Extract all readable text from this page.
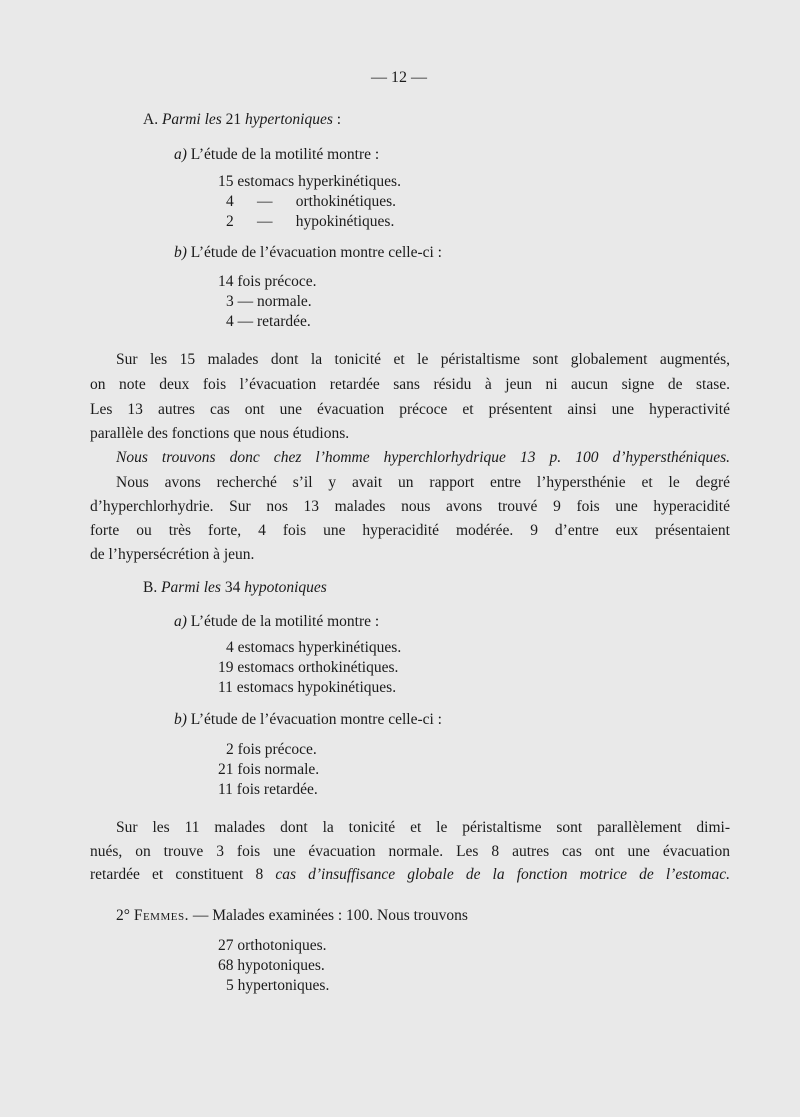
— 12 —
A. Parmi les 21 hypertoniques :
a) L’étude de la motilité montre :
15 estomacs hyperkinétiques.
4      —      orthokinétiques.
2      —      hypokinétiques.
b) L’étude de l’évacuation montre celle-ci :
14 fois précoce.
3 — normale.
4 — retardée.
Sur les 15 malades dont la tonicité et le péristaltisme sont globalement augmentés,
on note deux fois l’évacuation retardée sans résidu à jeun ni aucun signe de stase.
Les 13 autres cas ont une évacuation précoce et présentent ainsi une hyperactivité
parallèle des fonctions que nous étudions.
Nous trouvons donc chez l’homme hyperchlorhydrique 13 p. 100 d’hypersthéniques.
Nous avons recherché s’il y avait un rapport entre l’hypersthénie et le degré
d’hyperchlorhydrie. Sur nos 13 malades nous avons trouvé 9 fois une hyperacidité
forte ou très forte, 4 fois une hyperacidité modérée. 9 d’entre eux présentaient
de l’hypersécrétion à jeun.
B. Parmi les 34 hypotoniques
a) L’étude de la motilité montre :
4 estomacs hyperkinétiques.
19 estomacs orthokinétiques.
11 estomacs hypokinétiques.
b) L’étude de l’évacuation montre celle-ci :
2 fois précoce.
21 fois normale.
11 fois retardée.
Sur les 11 malades dont la tonicité et le péristaltisme sont parallèlement dimi-
nués, on trouve 3 fois une évacuation normale. Les 8 autres cas ont une évacuation
retardée et constituent 8 cas d’insuffisance globale de la fonction motrice de l’estomac.
2° Femmes. — Malades examinées : 100. Nous trouvons
27 orthotoniques.
68 hypotoniques.
5 hypertoniques.
